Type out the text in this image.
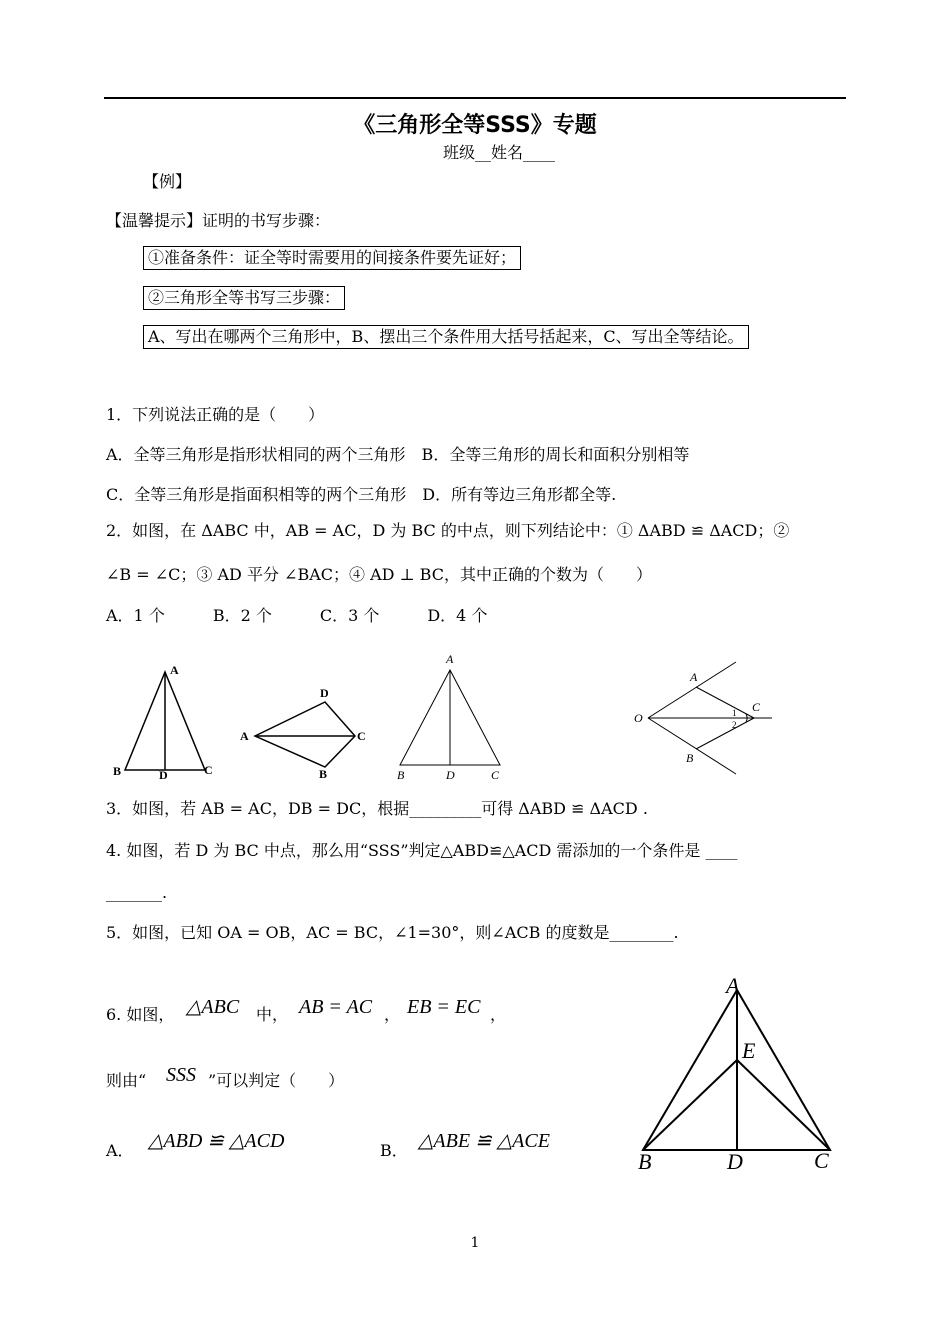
《三角形全等SSS》专题
班级__姓名____
【例】
【温馨提示】证明的书写步骤：
①准备条件：证全等时需要用的间接条件要先证好；
②三角形全等书写三步骤：
A、写出在哪两个三角形中，B、摆出三个条件用大括号括起来，C、写出全等结论。
1．下列说法正确的是（　　）
A．全等三角形是指形状相同的两个三角形　B．全等三角形的周长和面积分别相等
C．全等三角形是指面积相等的两个三角形　D．所有等边三角形都全等.
2．如图，在 ΔABC 中，AB = AC，D 为 BC 的中点，则下列结论中：① ΔABD ≌ ΔACD；②
∠B = ∠C；③ AD 平分 ∠BAC；④ AD ⊥ BC，其中正确的个数为（　　）
A．1 个　　　B．2 个　　　C．3 个　　　D．4 个
A
B	C
D
A
D
C
B
A
B	D	C
O
A
B
C
1
2
3．如图，若 AB = AC，DB = DC，根据_________可得 ΔABD ≌ ΔACD .
4. 如图，若 D 为 BC 中点，那么用“SSS”判定△ABD≌△ACD 需添加的一个条件是 ____
_______.
5．如图，已知 OA = OB，AC = BC，∠1=30°，则∠ACB 的度数是________.
6. 如图， △ABC 中， AB = AC ， EB = EC ，
则由“ SSS ”可以判定（　　）
A． △ABD ≌ △ACD	B． △ABE ≌ △ACE
A
E
B	D	C
1
